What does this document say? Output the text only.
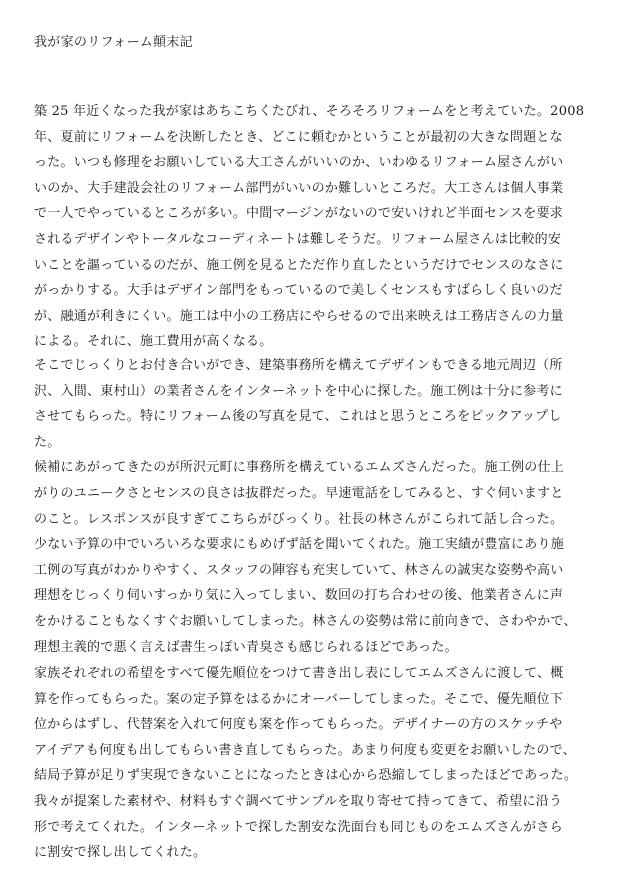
我が家のリフォーム顛末記
築 25 年近くなった我が家はあちこちくたびれ、そろそろリフォームをと考えていた。2008
年、夏前にリフォームを決断したとき、どこに頼むかということが最初の大きな問題とな
った。いつも修理をお願いしている大工さんがいいのか、いわゆるリフォーム屋さんがい
いのか、大手建設会社のリフォーム部門がいいのか難しいところだ。大工さんは個人事業
で一人でやっているところが多い。中間マージンがないので安いけれど半面センスを要求
されるデザインやトータルなコーディネートは難しそうだ。リフォーム屋さんは比較的安
いことを謳っているのだが、施工例を見るとただ作り直したというだけでセンスのなさに
がっかりする。大手はデザイン部門をもっているので美しくセンスもすばらしく良いのだ
が、融通が利きにくい。施工は中小の工務店にやらせるので出来映えは工務店さんの力量
による。それに、施工費用が高くなる。
そこでじっくりとお付き合いができ、建築事務所を構えてデザインもできる地元周辺（所
沢、入間、東村山）の業者さんをインターネットを中心に探した。施工例は十分に参考に
させてもらった。特にリフォーム後の写真を見て、これはと思うところをピックアップし
た。
候補にあがってきたのが所沢元町に事務所を構えているエムズさんだった。施工例の仕上
がりのユニークさとセンスの良さは抜群だった。早速電話をしてみると、すぐ伺いますと
のこと。レスポンスが良すぎてこちらがびっくり。社長の林さんがこられて話し合った。
少ない予算の中でいろいろな要求にもめげず話を聞いてくれた。施工実績が豊富にあり施
工例の写真がわかりやすく、スタッフの陣容も充実していて、林さんの誠実な姿勢や高い
理想をじっくり伺いすっかり気に入ってしまい、数回の打ち合わせの後、他業者さんに声
をかけることもなくすぐお願いしてしまった。林さんの姿勢は常に前向きで、さわやかで、
理想主義的で悪く言えば書生っぽい青臭さも感じられるほどであった。
家族それぞれの希望をすべて優先順位をつけて書き出し表にしてエムズさんに渡して、概
算を作ってもらった。案の定予算をはるかにオーバーしてしまった。そこで、優先順位下
位からはずし、代替案を入れて何度も案を作ってもらった。デザイナーの方のスケッチや
アイデアも何度も出してもらい書き直してもらった。あまり何度も変更をお願いしたので、
結局予算が足りず実現できないことになったときは心から恐縮してしまったほどであった。
我々が提案した素材や、材料もすぐ調べてサンプルを取り寄せて持ってきて、希望に沿う
形で考えてくれた。インターネットで探した割安な洗面台も同じものをエムズさんがさら
に割安で探し出してくれた。
